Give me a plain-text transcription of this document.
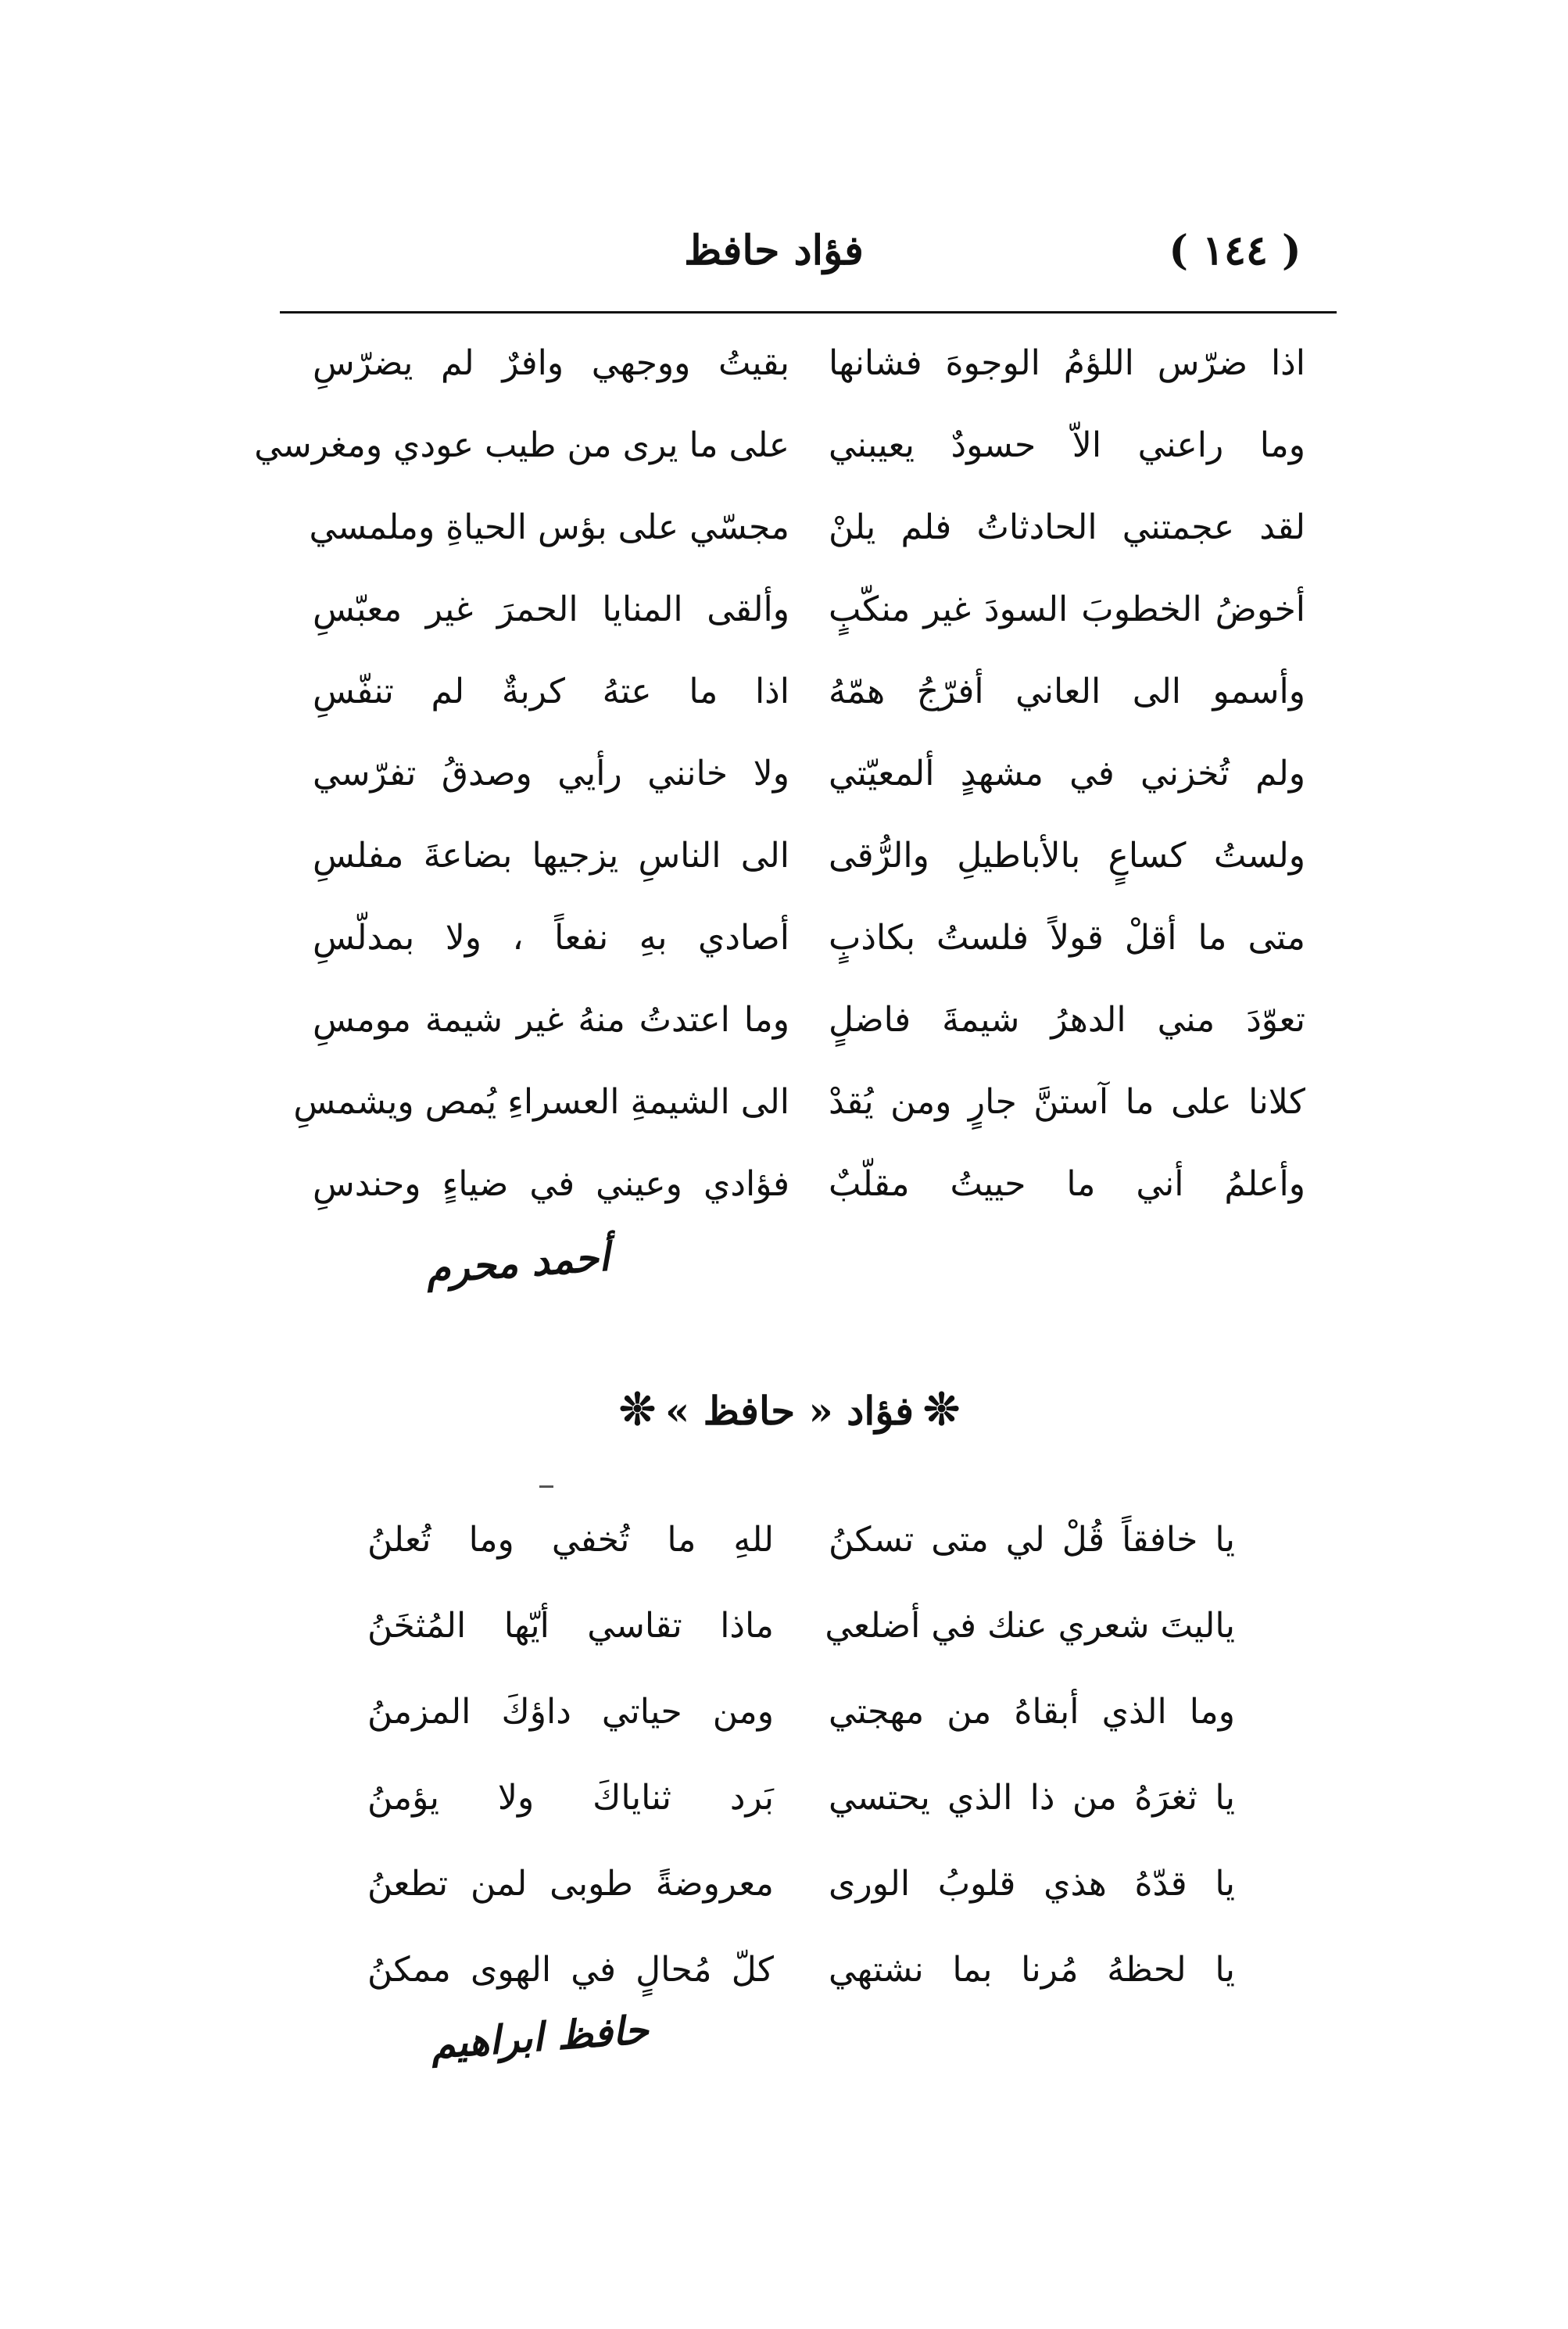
( ١٤٤ )
فؤاد حافظ
اذا ضرّس اللؤمُ الوجوهَ فشانها
بقيتُ ووجهي وافرٌ لم يضرّسِ
وما راعني الاّ حسودٌ يعيبني
على ما يرى من طيب عودي ومغرسي
لقد عجمتني الحادثاتُ فلم يلنْ
مجسّي على بؤس الحياةِ وملمسي
أخوضُ الخطوبَ السودَ غير منكّبٍ
وألقى المنايا الحمرَ غير معبّسِ
وأسمو الى العاني أفرّجُ همّهُ
اذا ما عتهُ كربةٌ لم تنفّسِ
ولم تُخزني في مشهدٍ ألمعيّتي
ولا خانني رأيي وصدقُ تفرّسي
ولستُ كساعٍ بالأباطيلِ والرُّقى
الى الناسِ يزجيها بضاعةَ مفلسِ
متى ما أقلْ قولاً فلستُ بكاذبٍ
أصادي بهِ نفعاً ، ولا بمدلّسِ
تعوّدَ مني الدهرُ شيمةَ فاضلٍ
وما اعتدتُ منهُ غير شيمة مومسِ
كلانا على ما آستنَّ جارٍ ومن يُقدْ
الى الشيمةِ العسراءِ يُمص ويشمسِ
وأعلمُ أني ما حييتُ مقلّبٌ
فؤادي وعيني في ضياءٍ وحندسِ
أحمد محرم
❊فؤاد « حافظ »❊
يا خافقاً قُلْ لي متى تسكنُ
للهِ ما تُخفي وما تُعلنُ
ياليتَ شعري عنك في أضلعي
ماذا تقاسي أيّها المُثخَنُ
وما الذي أبقاهُ من مهجتي
ومن حياتي داؤكَ المزمنُ
يا ثغرَهُ من ذا الذي يحتسي
بَرد ثناياكَ ولا يؤمنُ
يا قدّهُ هذي قلوبُ الورى
معروضةً طوبى لمن تطعنُ
يا لحظهُ مُرنا بما نشتهي
كلّ مُحالٍ في الهوى ممكنُ
حافظ ابراهيم
